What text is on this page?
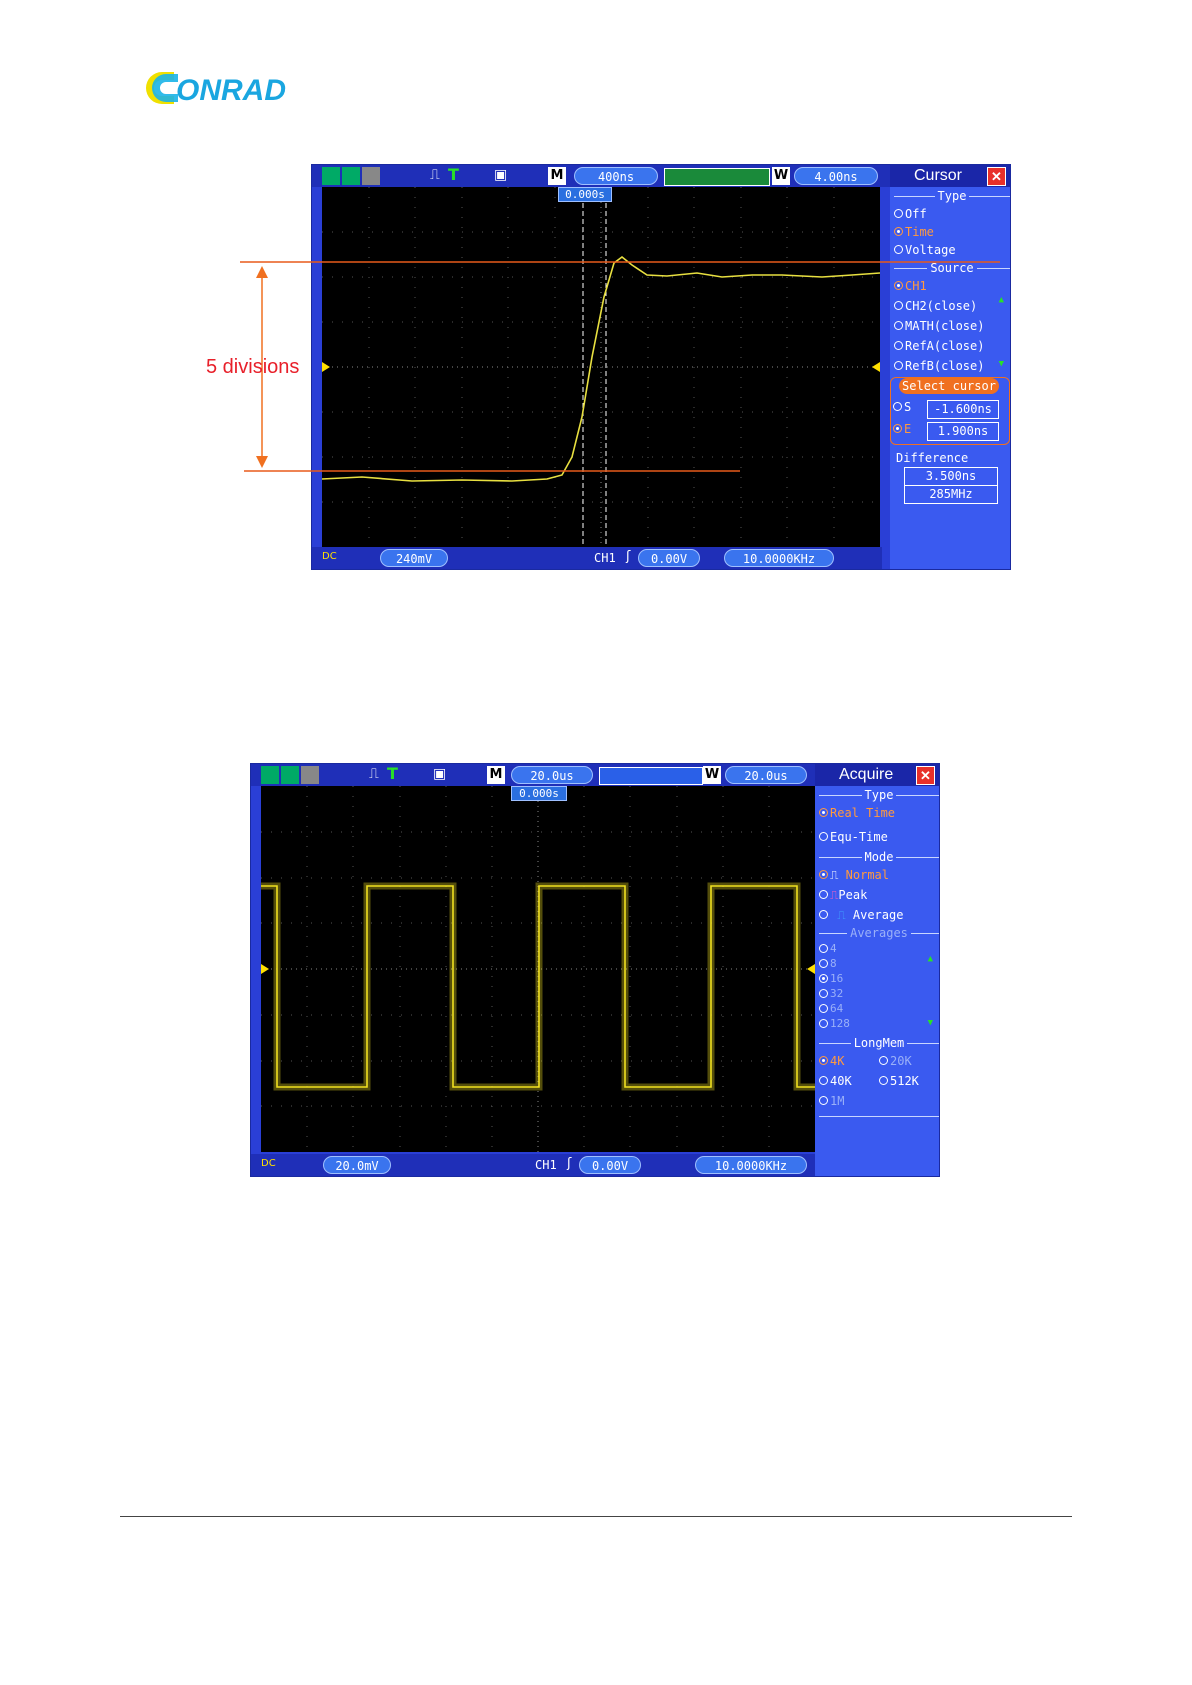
ONRAD
⎍ T	▣	M	400ns	W	4.00ns
0.000s
DC	240mV	CH1 ʃ	0.00V	10.0000KHz
Cursor	✕
Type
Off
Time
Voltage
Source
CH1
CH2(close)
MATH(close)
RefA(close)
RefB(close)
▲
▼
Select cursor
S	-1.600ns
E	1.900ns
Difference
3.500ns
285MHz
5 divisions
⎍ T	▣	M	20.0us	W	20.0us
0.000s
DC	20.0mV	CH1 ʃ	0.00V	10.0000KHz
Acquire	✕
Type
Real Time
Equ-Time
Mode
⎍ Normal
⎍Peak
⎍ Average
Averages
4
8
16
32
64
128
▲
▼
LongMem
4K	20K
40K	512K
1M
